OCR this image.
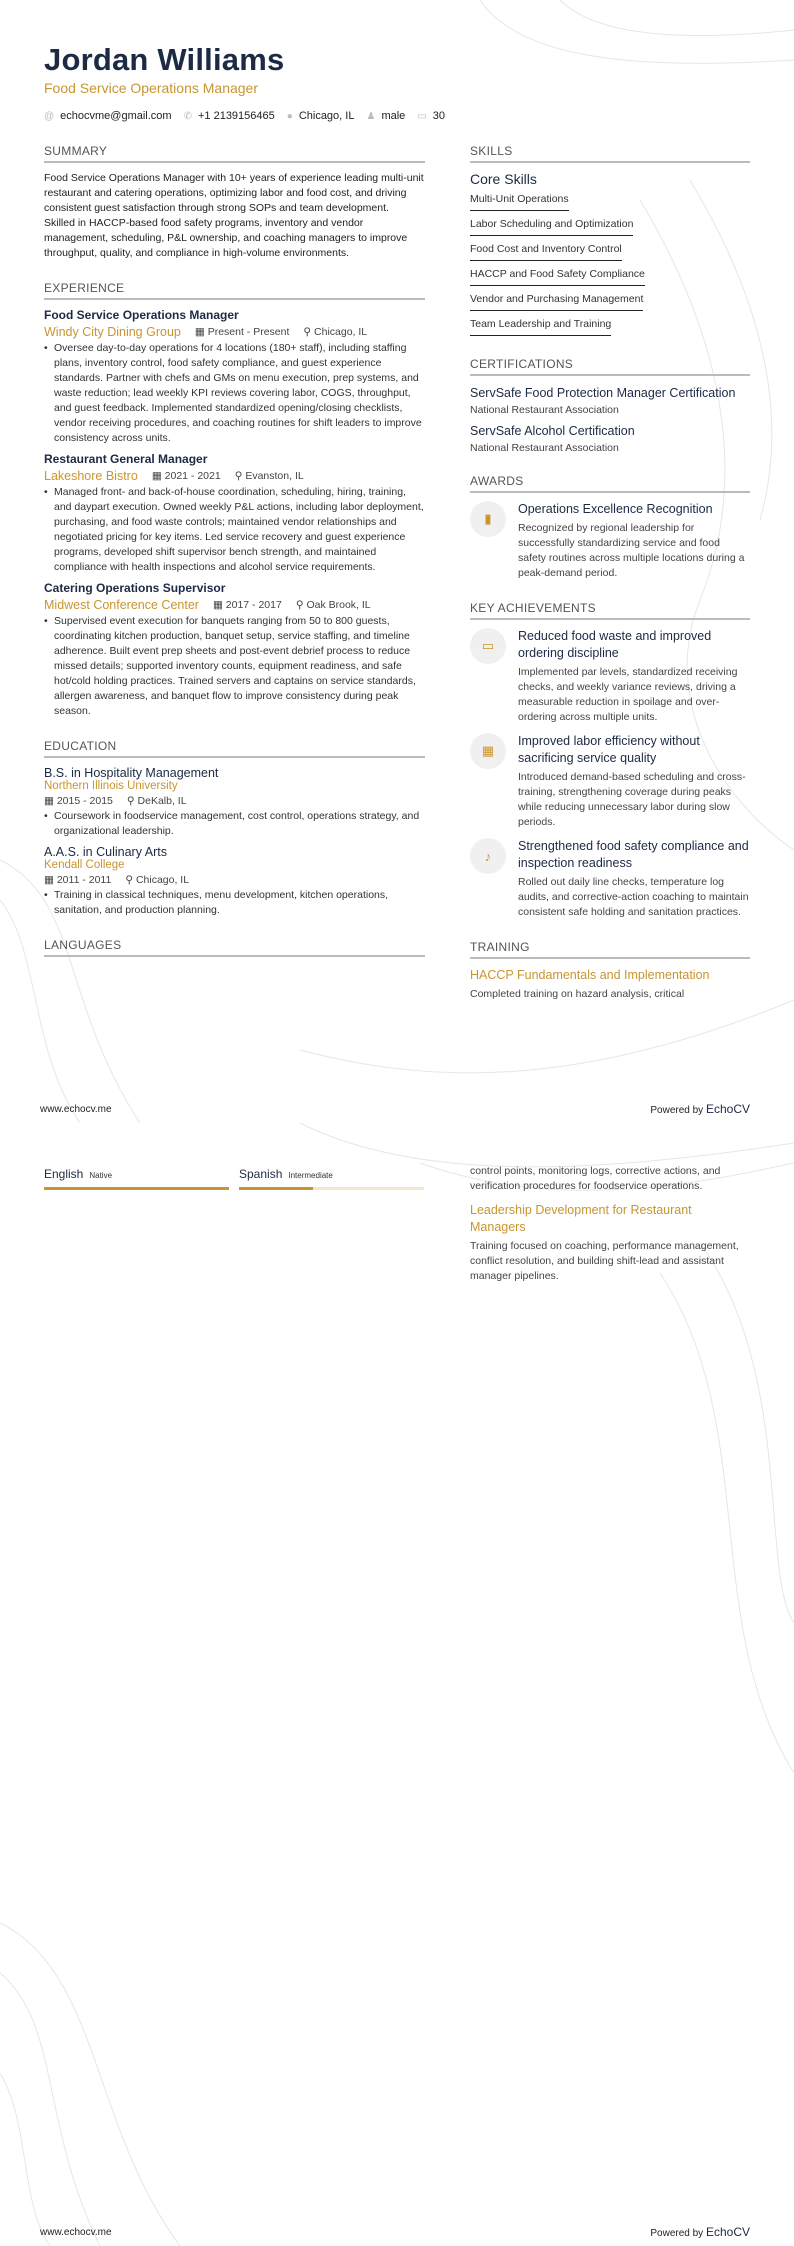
Jordan Williams
Food Service Operations Manager
@ echocvme@gmail.com ✆ +1 2139156465 ● Chicago, IL ♟ male ▭ 30
SUMMARY

Food Service Operations Manager with 10+ years of experience leading multi-unit restaurant and catering operations, optimizing labor and food cost, and driving consistent guest satisfaction through strong SOPs and team development.

Skilled in HACCP-based food safety programs, inventory and vendor management, scheduling, P&L ownership, and coaching managers to improve throughput, quality, and compliance in high-volume environments.

EXPERIENCE
Food Service Operations Manager
Windy City Dining Group ▦ Present - Present ⚲ Chicago, IL
• Oversee day-to-day operations for 4 locations (180+ staff), including staffing plans, inventory control, food safety compliance, and guest experience standards. Partner with chefs and GMs on menu execution, prep systems, and waste reduction; lead weekly KPI reviews covering labor, COGS, throughput, and guest feedback. Implemented standardized opening/closing checklists, vendor receiving procedures, and coaching routines for shift leaders to improve consistency across units.
Restaurant General Manager
Lakeshore Bistro ▦ 2021 - 2021 ⚲ Evanston, IL
• Managed front- and back-of-house coordination, scheduling, hiring, training, and daypart execution. Owned weekly P&L actions, including labor deployment, purchasing, and food waste controls; maintained vendor relationships and negotiated pricing for key items. Led service recovery and guest experience programs, developed shift supervisor bench strength, and maintained compliance with health inspections and alcohol service requirements.
Catering Operations Supervisor
Midwest Conference Center ▦ 2017 - 2017 ⚲ Oak Brook, IL
• Supervised event execution for banquets ranging from 50 to 800 guests, coordinating kitchen production, banquet setup, service staffing, and timeline adherence. Built event prep sheets and post-event debrief process to reduce missed details; supported inventory counts, equipment readiness, and safe hot/cold holding practices. Trained servers and captains on service standards, allergen awareness, and banquet flow to improve consistency during peak season.
EDUCATION
B.S. in Hospitality Management
Northern Illinois University
▦ 2015 - 2015 ⚲ DeKalb, IL
• Coursework in foodservice management, cost control, operations strategy, and organizational leadership.
A.A.S. in Culinary Arts
Kendall College
▦ 2011 - 2011 ⚲ Chicago, IL
• Training in classical techniques, menu development, kitchen operations, sanitation, and production planning.
LANGUAGES
SKILLS
Core Skills
Multi-Unit Operations
Labor Scheduling and Optimization
Food Cost and Inventory Control
HACCP and Food Safety Compliance
Vendor and Purchasing Management
Team Leadership and Training
CERTIFICATIONS
ServSafe Food Protection Manager Certification
National Restaurant Association
ServSafe Alcohol Certification
National Restaurant Association
AWARDS
▮
Operations Excellence Recognition
Recognized by regional leadership for successfully standardizing service and food safety routines across multiple locations during a peak-demand period.
KEY ACHIEVEMENTS
▭
Reduced food waste and improved ordering discipline
Implemented par levels, standardized receiving checks, and weekly variance reviews, driving a measurable reduction in spoilage and over-ordering across multiple units.
▦
Improved labor efficiency without sacrificing service quality
Introduced demand-based scheduling and cross-training, strengthening coverage during peaks while reducing unnecessary labor during slow periods.
♪
Strengthened food safety compliance and inspection readiness
Rolled out daily line checks, temperature log audits, and corrective-action coaching to maintain consistent safe holding and sanitation practices.
TRAINING
HACCP Fundamentals and Implementation
Completed training on hazard analysis, critical
www.echocv.me	Powered by EchoCV
English Native	Spanish Intermediate	control points, monitoring logs, corrective actions, and verification procedures for foodservice operations.
Leadership Development for Restaurant Managers
Training focused on coaching, performance management, conflict resolution, and building shift-lead and assistant manager pipelines.
www.echocv.me	Powered by EchoCV
